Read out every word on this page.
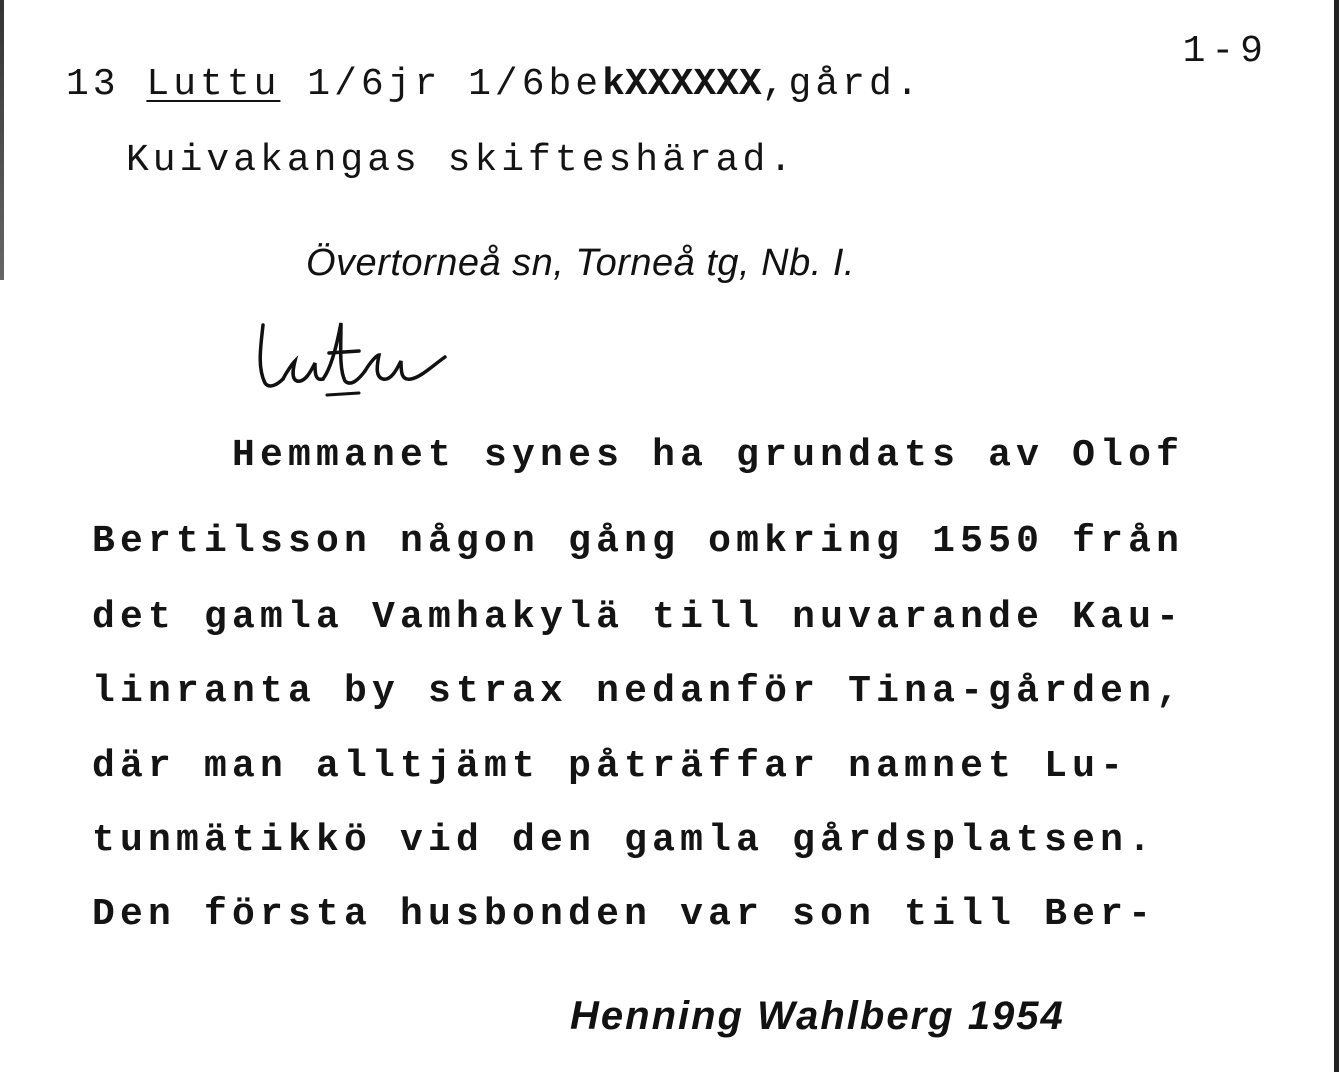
1-9
13 Luttu 1/6jr 1/6bekXXXXXX,gård.
Kuivakangas skifteshärad.
Övertorneå sn, Torneå tg, Nb. I.
Hemmanet synes ha grundats av Olof
Bertilsson någon gång omkring 1550 från
det gamla Vamhakylä till nuvarande Kau-
linranta by strax nedanför Tina-gården,
där man alltjämt påträffar namnet Lu-
tunmätikkö vid den gamla gårdsplatsen.
Den första husbonden var son till Ber-
Henning Wahlberg 1954
